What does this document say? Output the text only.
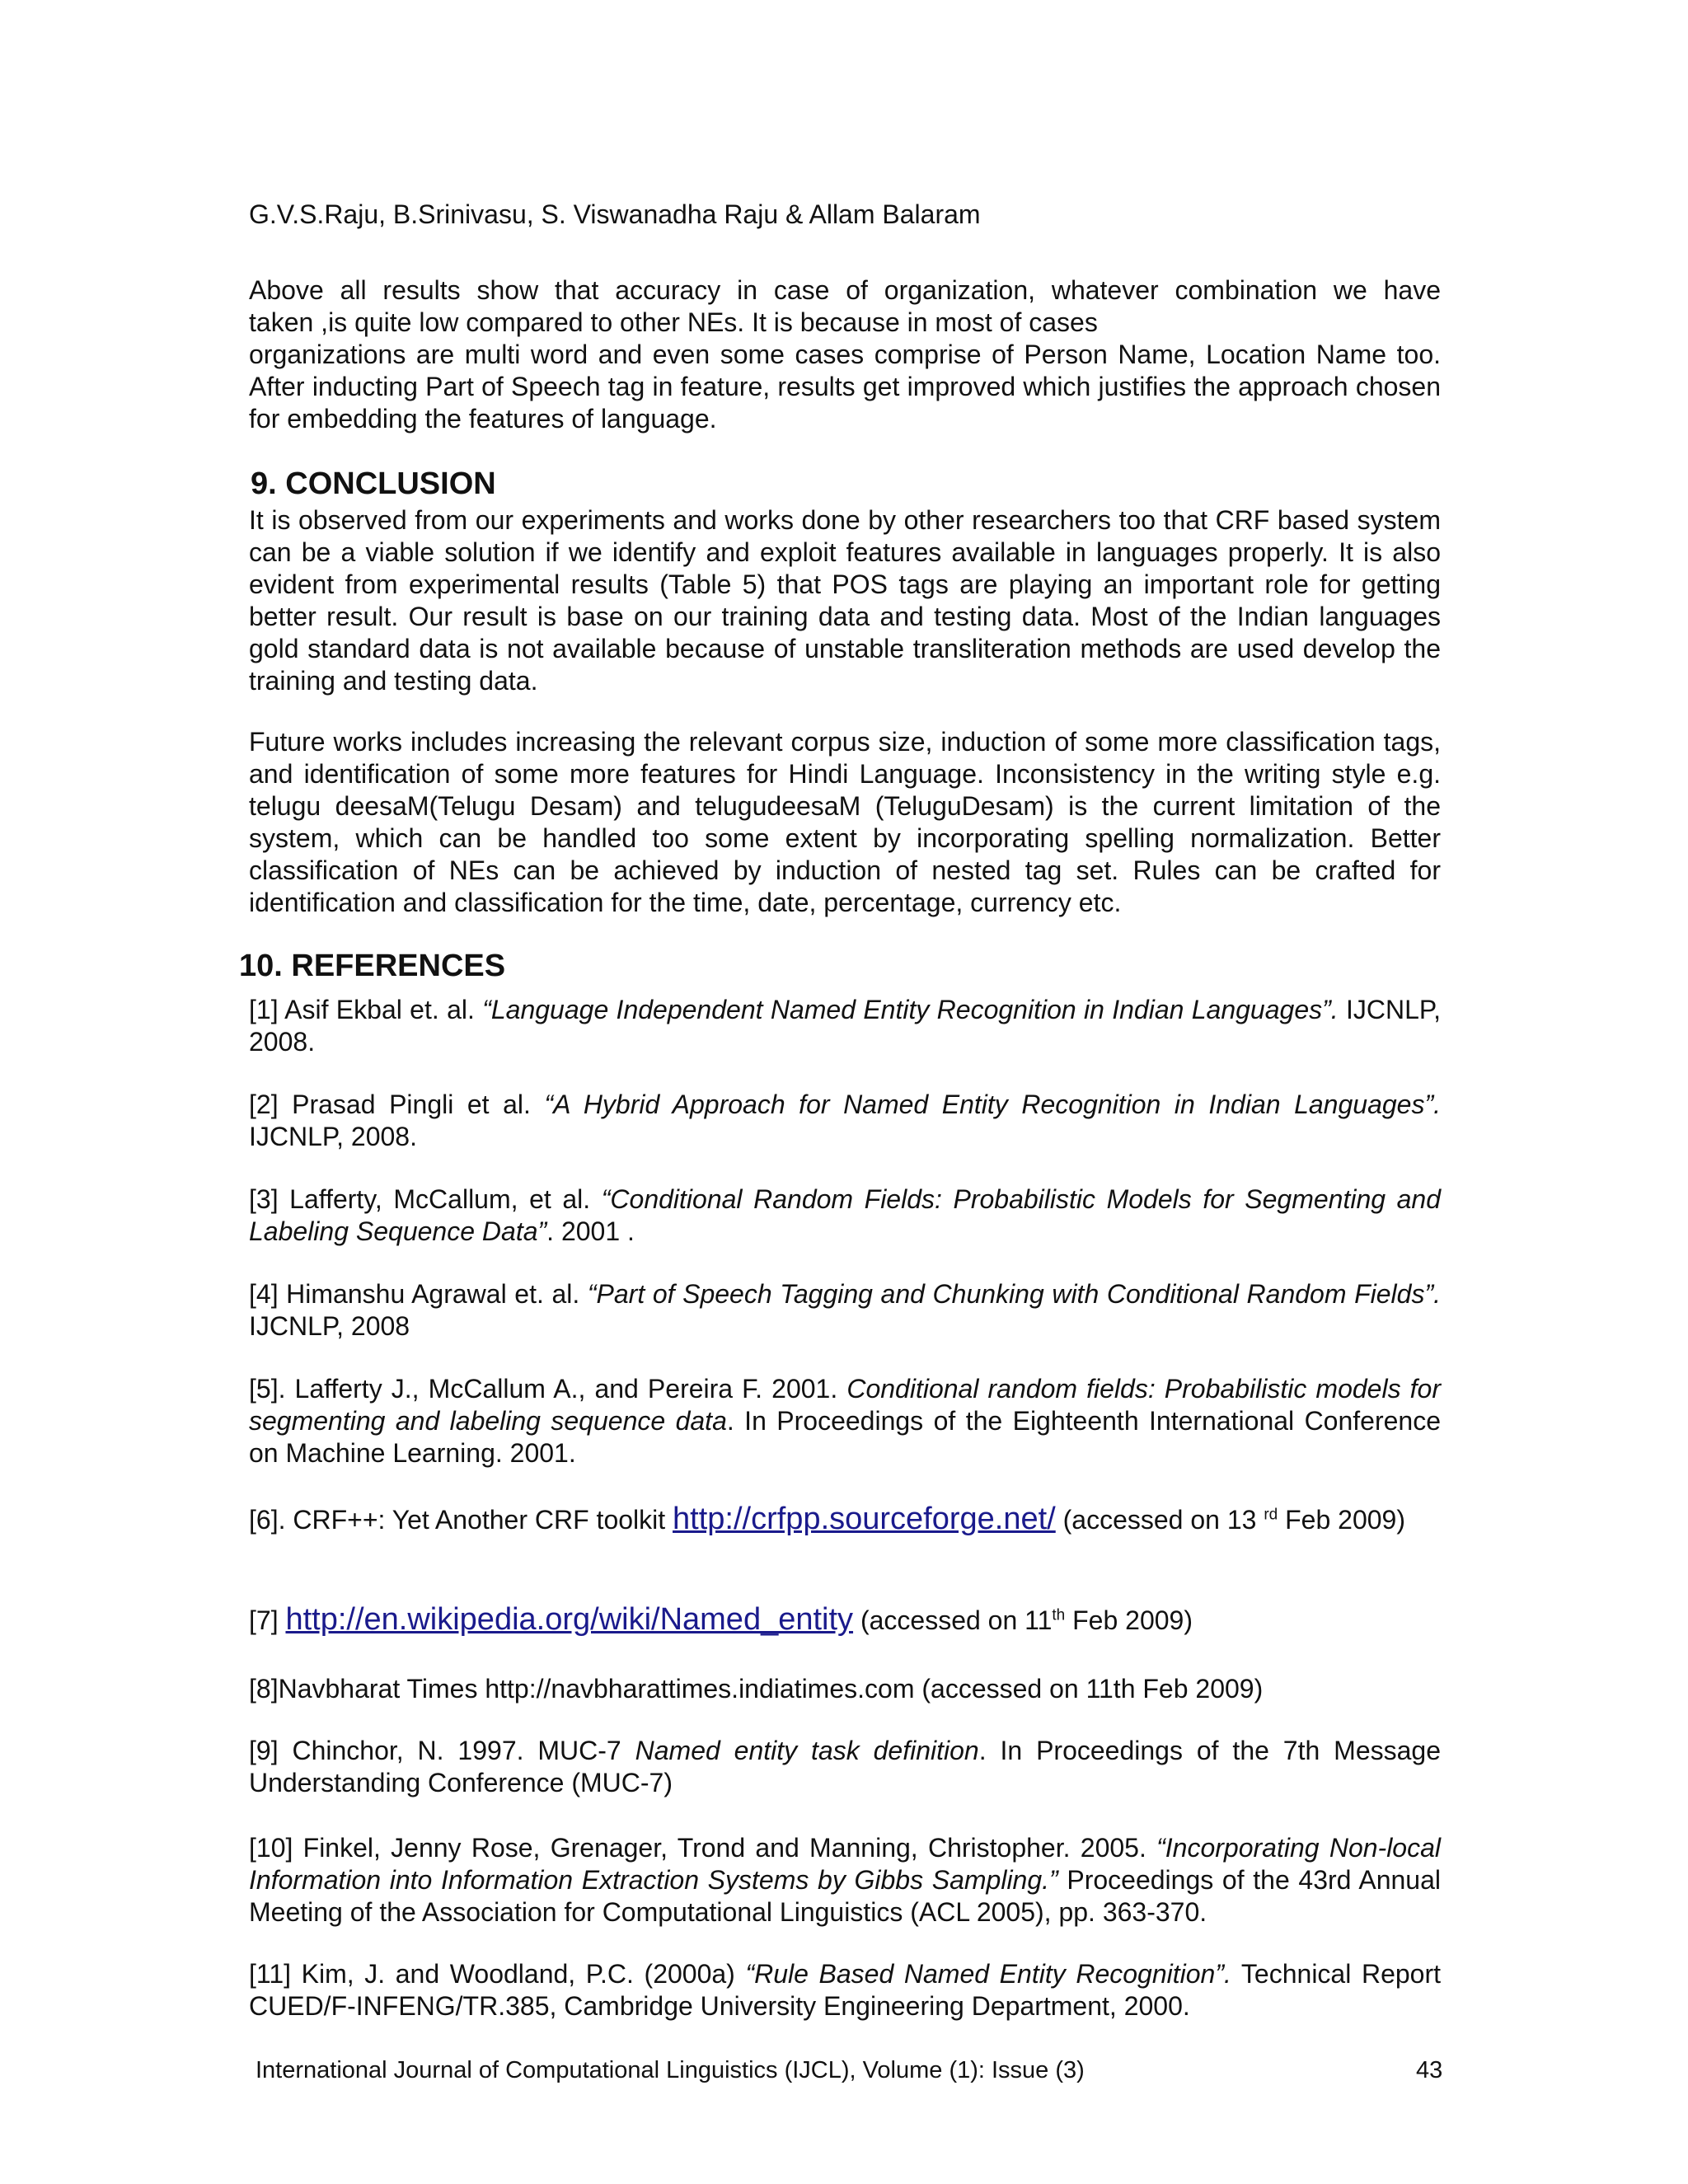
G.V.S.Raju, B.Srinivasu, S. Viswanadha Raju & Allam Balaram
Above all results show that accuracy in case of organization, whatever combination we have
taken ,is quite low compared to other NEs. It is because in most of cases
organizations are multi word and even some cases comprise of Person Name, Location Name too. After inducting Part of Speech tag in feature, results get improved which justifies the approach chosen for embedding the features of language.
9. CONCLUSION
It is observed from our experiments and works done by other researchers too that CRF based system can be a viable solution if we identify and exploit features available in languages properly. It is also evident from experimental results (Table 5) that POS tags are playing an important role for getting better result. Our result is base on our training data and testing data. Most of the Indian languages gold standard data is not available because of unstable transliteration methods are used develop the training and testing data.
Future works includes increasing the relevant corpus size, induction of some more classification tags, and identification of some more features for Hindi Language. Inconsistency in the writing style e.g. telugu deesaM(Telugu Desam) and telugudeesaM (TeluguDesam) is the current limitation of the system, which can be handled too some extent by incorporating spelling normalization. Better classification of NEs can be achieved by induction of nested tag set. Rules can be crafted for identification and classification for the time, date, percentage, currency etc.
10. REFERENCES
[1] Asif Ekbal et. al. “Language Independent Named Entity Recognition in Indian Languages”. IJCNLP, 2008.
[2] Prasad Pingli et al. “A Hybrid Approach for Named Entity Recognition in Indian Languages”. IJCNLP, 2008.
[3] Lafferty, McCallum, et al. “Conditional Random Fields: Probabilistic Models for Segmenting and Labeling Sequence Data”. 2001 .
[4] Himanshu Agrawal et. al. “Part of Speech Tagging and Chunking with Conditional Random Fields”. IJCNLP, 2008
[5]. Lafferty J., McCallum A., and Pereira F. 2001. Conditional random fields: Probabilistic models for segmenting and labeling sequence data. In Proceedings of the Eighteenth International Conference on Machine Learning. 2001.
[6]. CRF++: Yet Another CRF toolkit http://crfpp.sourceforge.net/ (accessed on 13 $^{rd}$ Feb 2009)
[7] http://en.wikipedia.org/wiki/Named_entity (accessed on 11th Feb 2009)
[8]Navbharat Times http://navbharattimes.indiatimes.com (accessed on 11th Feb 2009)
[9] Chinchor, N. 1997. MUC-7 Named entity task definition. In Proceedings of the 7th Message Understanding Conference (MUC-7)
[10] Finkel, Jenny Rose, Grenager, Trond and Manning, Christopher. 2005. “Incorporating Non-local Information into Information Extraction Systems by Gibbs Sampling.” Proceedings of the 43rd Annual Meeting of the Association for Computational Linguistics (ACL 2005), pp. 363-370.
[11] Kim, J. and Woodland, P.C. (2000a) “Rule Based Named Entity Recognition”. Technical Report CUED/F-INFENG/TR.385, Cambridge University Engineering Department, 2000.
International Journal of Computational Linguistics (IJCL), Volume (1): Issue (3)	43
